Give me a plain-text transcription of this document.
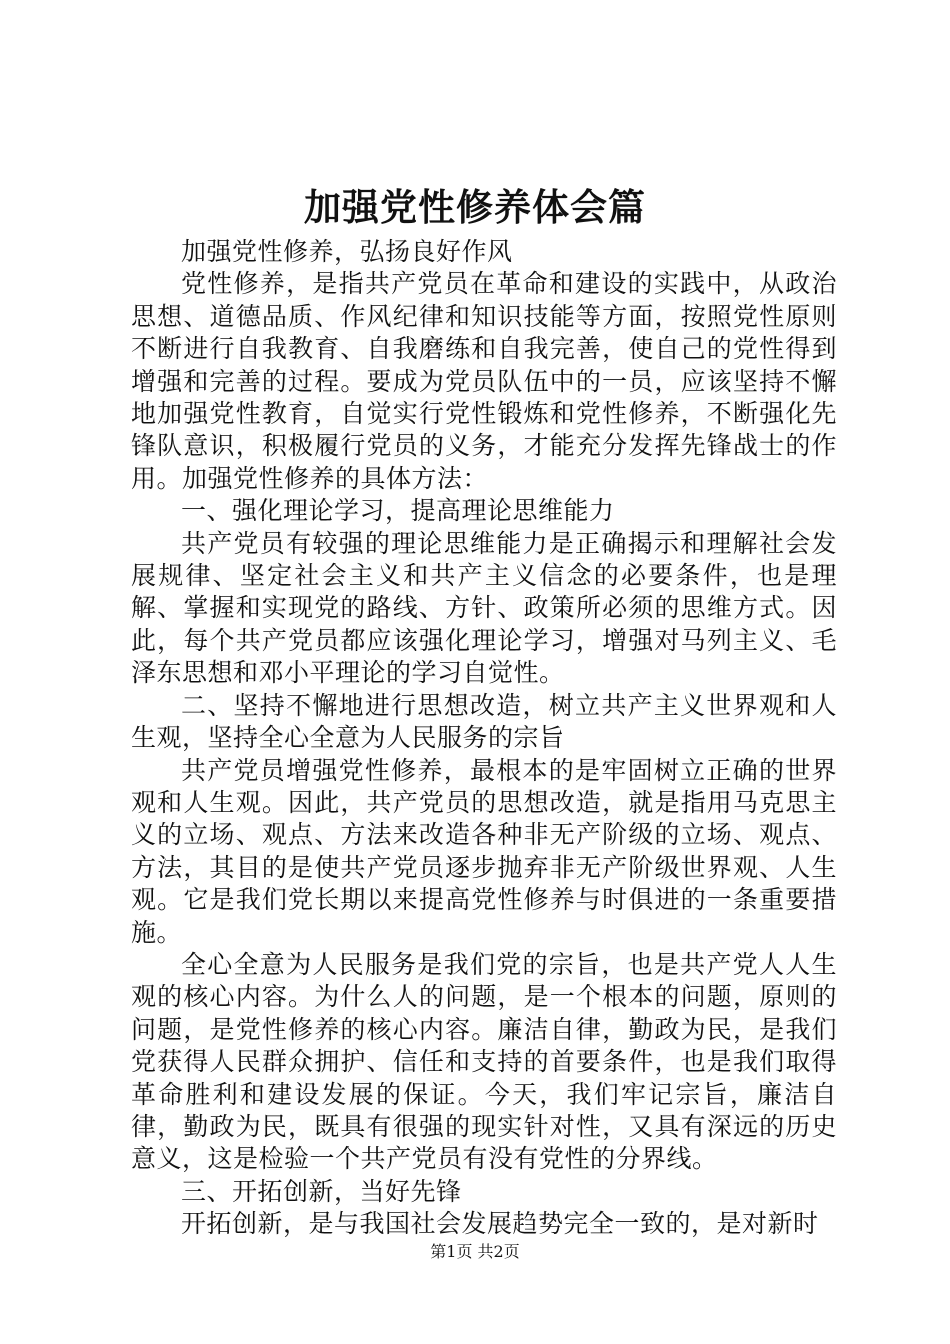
加强党性修养体会篇

加强党性修养，弘扬良好作风

党性修养，是指共产党员在革命和建设的实践中，从政治思想、道德品质、作风纪律和知识技能等方面，按照党性原则不断进行自我教育、自我磨练和自我完善，使自己的党性得到增强和完善的过程。要成为党员队伍中的一员，应该坚持不懈地加强党性教育，自觉实行党性锻炼和党性修养，不断强化先锋队意识，积极履行党员的义务，才能充分发挥先锋战士的作用。加强党性修养的具体方法：

一、强化理论学习，提高理论思维能力

共产党员有较强的理论思维能力是正确揭示和理解社会发展规律、坚定社会主义和共产主义信念的必要条件，也是理解、掌握和实现党的路线、方针、政策所必须的思维方式。因此，每个共产党员都应该强化理论学习，增强对马列主义、毛泽东思想和邓小平理论的学习自觉性。

二、坚持不懈地进行思想改造，树立共产主义世界观和人生观，坚持全心全意为人民服务的宗旨

共产党员增强党性修养，最根本的是牢固树立正确的世界观和人生观。因此，共产党员的思想改造，就是指用马克思主义的立场、观点、方法来改造各种非无产阶级的立场、观点、方法，其目的是使共产党员逐步抛弃非无产阶级世界观、人生观。它是我们党长期以来提高党性修养与时俱进的一条重要措施。

全心全意为人民服务是我们党的宗旨，也是共产党人人生观的核心内容。为什么人的问题，是一个根本的问题，原则的问题，是党性修养的核心内容。廉洁自律，勤政为民，是我们党获得人民群众拥护、信任和支持的首要条件，也是我们取得革命胜利和建设发展的保证。今天，我们牢记宗旨，廉洁自律，勤政为民，既具有很强的现实针对性，又具有深远的历史意义，这是检验一个共产党员有没有党性的分界线。

三、开拓创新，当好先锋

开拓创新，是与我国社会发展趋势完全一致的，是对新时

第1页 共2页
